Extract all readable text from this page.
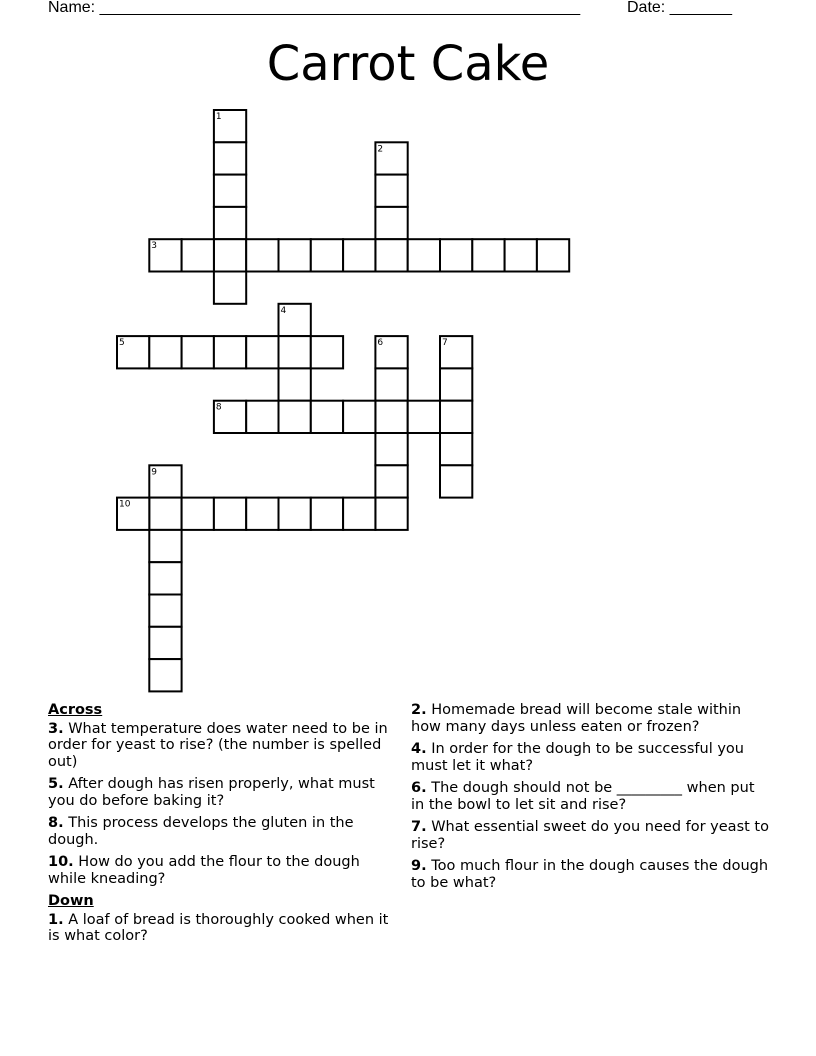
Name: ______________________________________________________	Date: _______
Carrot Cake
1
2
3
4
5	6	7
8
9
10
Across
3. What temperature does water need to be in order for yeast to rise? (the number is spelled out)
5. After dough has risen properly, what must you do before baking it?
8. This process develops the gluten in the dough.
10. How do you add the flour to the dough while kneading?
Down
1. A loaf of bread is thoroughly cooked when it is what color?
2. Homemade bread will become stale within how many days unless eaten or frozen?
4. In order for the dough to be successful you must let it what?
6. The dough should not be _________ when put in the bowl to let sit and rise?
7. What essential sweet do you need for yeast to rise?
9. Too much flour in the dough causes the dough to be what?
